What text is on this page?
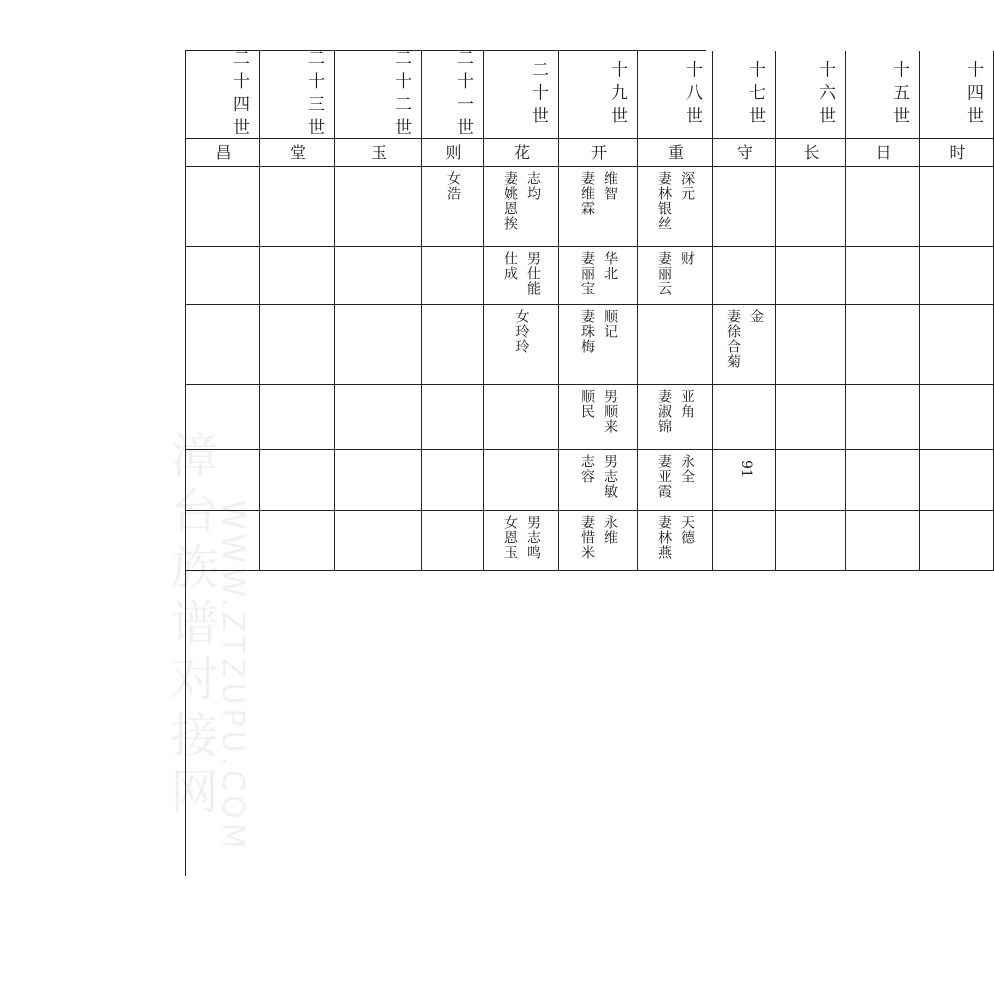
漳台族谱对接网
WWW.ZTZUPU.COM
二十四世
昌
二十三世
堂
二十二世
玉
二十一世
则
女浩
二十世
花
志均
妻姚恩挨
男仕能
仕成
女玲玲
男志鸣
女恩玉
十九世
开
维智
妻维霖
华北
妻丽宝
顺记
妻珠梅
男顺来
顺民
男志敏
志容
永维
妻惜米
十八世
重
深元
妻林银丝
财
妻丽云
亚角
妻淑锦
永全
妻亚霞
天德
妻林燕
十七世
守
金
妻徐合菊
十六世
长
十五世
日
十四世
时
91
